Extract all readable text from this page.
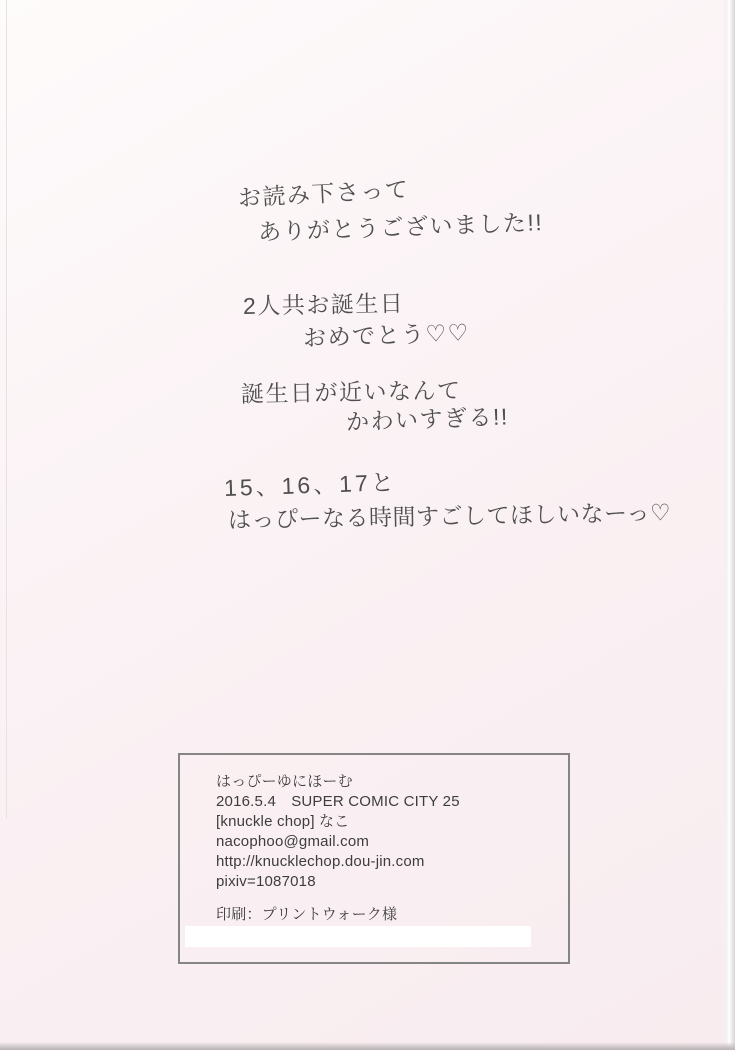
お読み下さって
ありがとうございました!!
2人共お誕生日
おめでとう♡♡
誕生日が近いなんて
かわいすぎる!!
15、16、17と
はっぴーなる時間すごしてほしいなーっ♡
はっぴーゆにほーむ
2016.5.4　SUPER COMIC CITY 25
[knuckle chop] なこ
nacophoo@gmail.com
http://knucklechop.dou-jin.com
pixiv=1087018
印刷：プリントウォーク様
